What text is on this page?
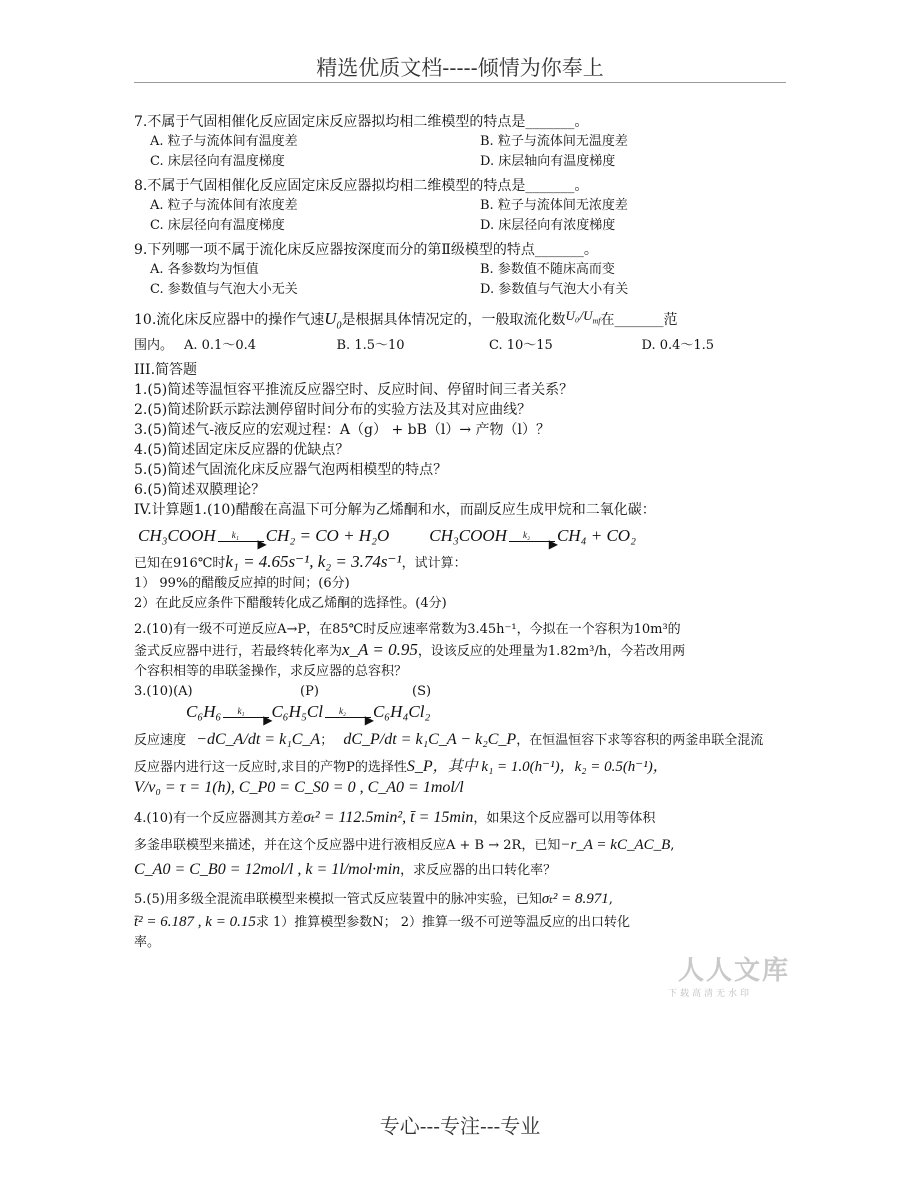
精选优质文档-----倾情为你奉上
7.不属于气固相催化反应固定床反应器拟均相二维模型的特点是_______。
A. 粒子与流体间有温度差	B. 粒子与流体间无温度差
C. 床层径向有温度梯度	D. 床层轴向有温度梯度
8.不属于气固相催化反应固定床反应器拟均相二维模型的特点是_______。
A. 粒子与流体间有浓度差	B. 粒子与流体间无浓度差
C. 床层径向有温度梯度	D. 床层径向有浓度梯度
9.下列哪一项不属于流化床反应器按深度而分的第Ⅱ级模型的特点_______。
A. 各参数均为恒值	B. 参数值不随床高而变
C. 参数值与气泡大小无关	D. 参数值与气泡大小有关
10.流化床反应器中的操作气速$U_0$是根据具体情况定的，一般取流化数$U_0/U_{mf}$在_______范
围内。 A. 0.1～0.4	B. 1.5～10	C. 10～15	D. 0.4～1.5
III.简答题
1.(5)简述等温恒容平推流反应器空时、反应时间、停留时间三者关系？
2.(5)简述阶跃示踪法测停留时间分布的实验方法及其对应曲线？
3.(5)简述气-液反应的宏观过程：A（g） + bB（l）→ 产物（l）？
4.(5)简述固定床反应器的优缺点？
5.(5)简述气固流化床反应器气泡两相模型的特点？
6.(5)简述双膜理论？
IV.计算题1.(10)醋酸在高温下可分解为乙烯酮和水，而副反应生成甲烷和二氧化碳：
CH₃COOH k₁
▶ CH₂ = CO + H₂O CH₃COOH k₂
▶ CH₄ + CO₂
已知在916℃时k₁ = 4.65s⁻¹, k₂ = 3.74s⁻¹，试计算：
1） 99%的醋酸反应掉的时间；(6分)
2）在此反应条件下醋酸转化成乙烯酮的选择性。(4分)
2.(10)有一级不可逆反应A→P，在85℃时反应速率常数为3.45h⁻¹，今拟在一个容积为10m³的
釜式反应器中进行，若最终转化率为x_A = 0.95，设该反应的处理量为1.82m³/h，今若改用两
个容积相等的串联釜操作，求反应器的总容积？
3.(10)(A)	(P)	(S)
C₆H₆ k₁
▶ C₆H₅Cl k₂
▶ C₆H₄Cl₂
反应速度 −dC_A/dt = k₁C_A； dC_P/dt = k₁C_A − k₂C_P，在恒温恒容下求等容积的两釜串联全混流
反应器内进行这一反应时,求目的产物P的选择性S_P，其中 k₁ = 1.0(h⁻¹)，k₂ = 0.5(h⁻¹)，
V/v₀ = τ = 1(h), C_P0 = C_S0 = 0 , C_A0 = 1mol/l
4.(10)有一个反应器测其方差σₜ² = 112.5min², t̄ = 15min，如果这个反应器可以用等体积
多釜串联模型来描述，并在这个反应器中进行液相反应A + B → 2R，已知−r_A = kC_AC_B,
C_A0 = C_B0 = 12mol/l , k = 1l/mol·min，求反应器的出口转化率？
5.(5)用多级全混流串联模型来模拟一管式反应装置中的脉冲实验，已知σₜ² = 8.971,
t̄² = 6.187 , k = 0.15求 1）推算模型参数N； 2）推算一级不可逆等温反应的出口转化
率。
人人文库
下载高清无水印
专心---专注---专业
